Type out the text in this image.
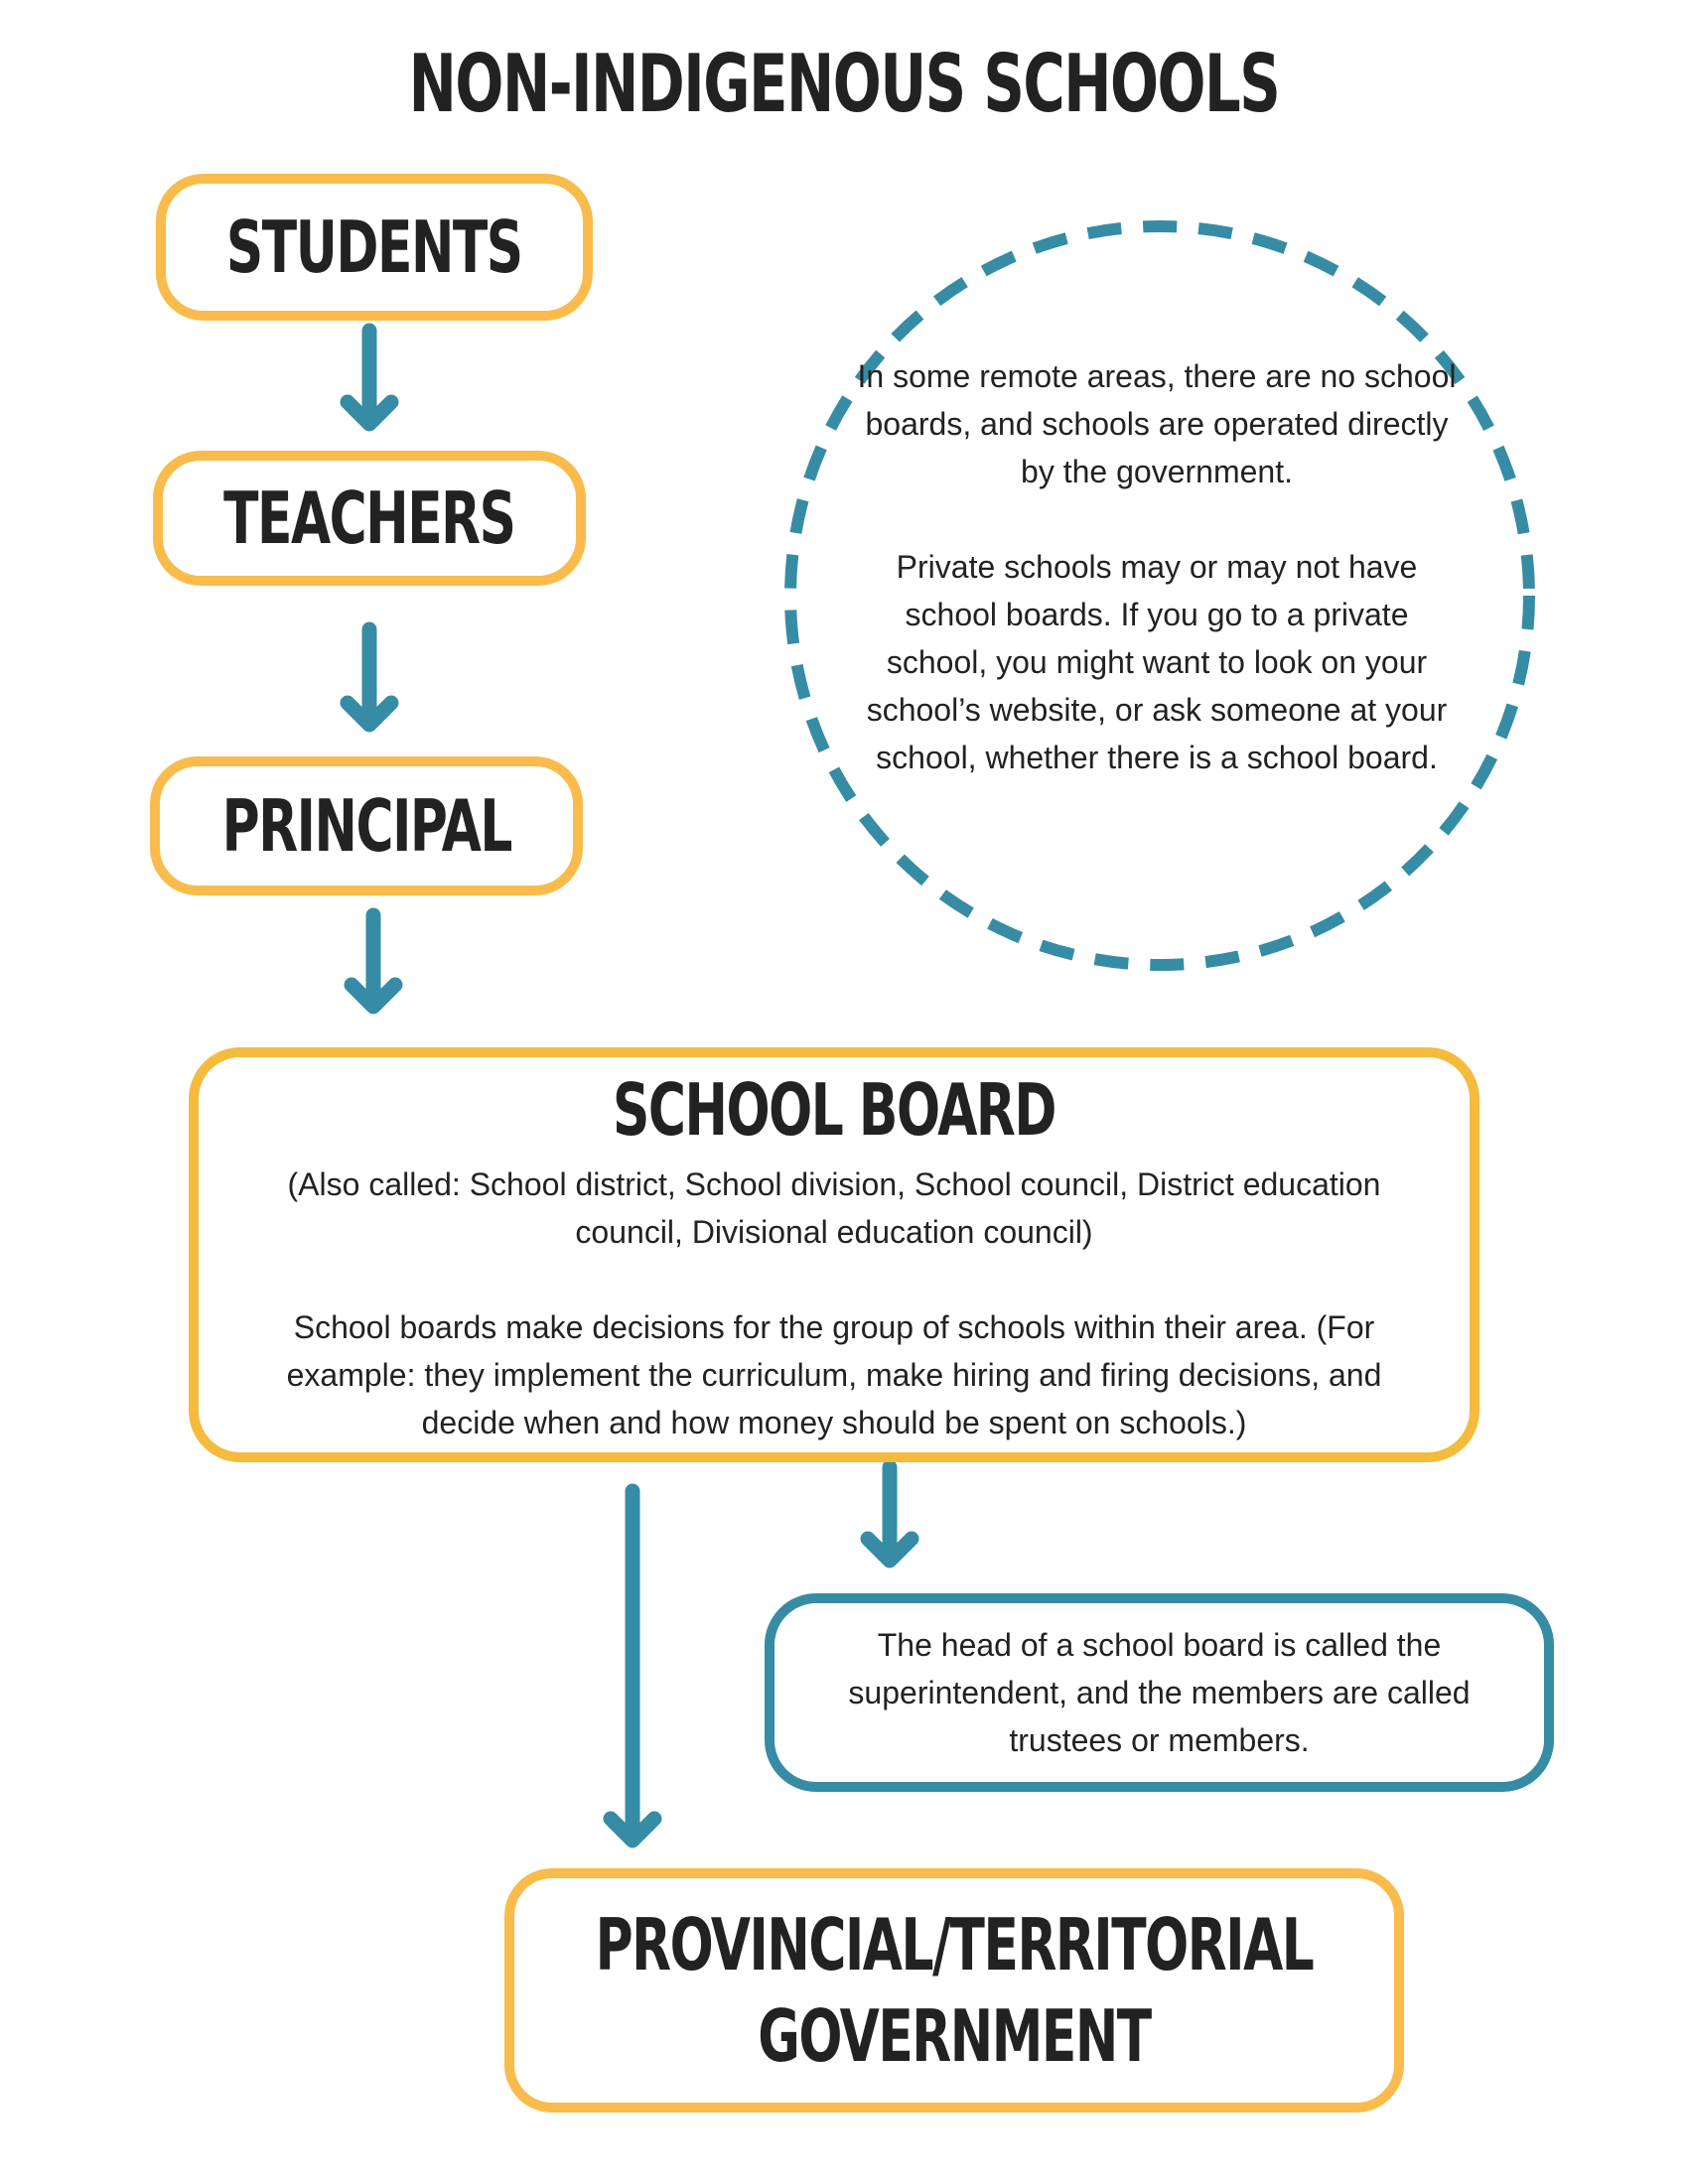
NON-INDIGENOUS SCHOOLS
STUDENTS
TEACHERS
PRINCIPAL

In some remote areas, there are no school boards, and schools are operated directly by the government.

Private schools may or may not have school boards. If you go to a private school, you might want to look on your school’s website, or ask someone at your school, whether there is a school board.

SCHOOL BOARD

(Also called: School district, School division, School council, District education council, Divisional education council)

School boards make decisions for the group of schools within their area. (For example: they implement the curriculum, make hiring and firing decisions, and decide when and how money should be spent on schools.)

The head of a school board is called the superintendent, and the members are called trustees or members.
PROVINCIAL/TERRITORIAL GOVERNMENT
